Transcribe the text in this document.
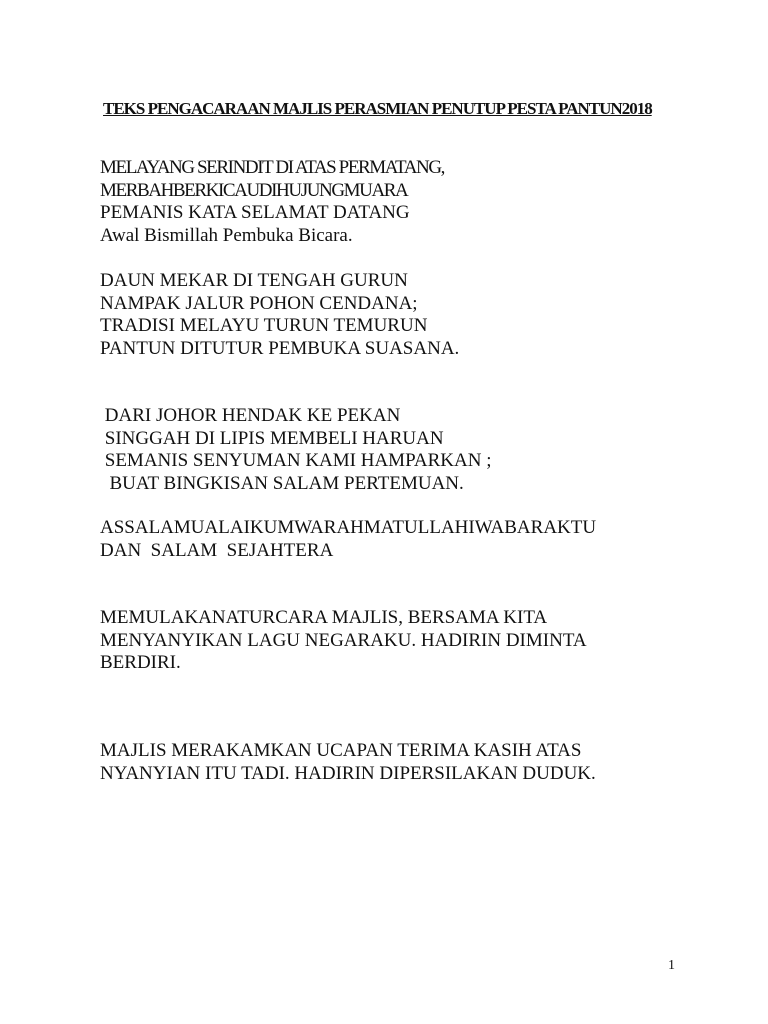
TEKS PENGACARAAN MAJLIS PERASMIAN PENUTUP PESTA PANTUN2018
MELAYANG SERINDIT DI ATAS PERMATANG,
MERBAHBERKICAUDIHUJUNGMUARA
PEMANIS KATA SELAMAT DATANG
Awal Bismillah Pembuka Bicara.
DAUN MEKAR DI TENGAH GURUN
NAMPAK JALUR POHON CENDANA;
TRADISI MELAYU TURUN TEMURUN
PANTUN DITUTUR PEMBUKA SUASANA.
DARI JOHOR HENDAK KE PEKAN
SINGGAH DI LIPIS MEMBELI HARUAN
SEMANIS SENYUMAN KAMI HAMPARKAN ;
BUAT BINGKISAN SALAM PERTEMUAN.
ASSALAMUALAIKUMWARAHMATULLAHIWABARAKTU
DAN  SALAM  SEJAHTERA
MEMULAKANATURCARA MAJLIS, BERSAMA KITA
MENYANYIKAN LAGU NEGARAKU. HADIRIN DIMINTA
BERDIRI.
MAJLIS MERAKAMKAN UCAPAN TERIMA KASIH ATAS
NYANYIAN ITU TADI. HADIRIN DIPERSILAKAN DUDUK.
1
